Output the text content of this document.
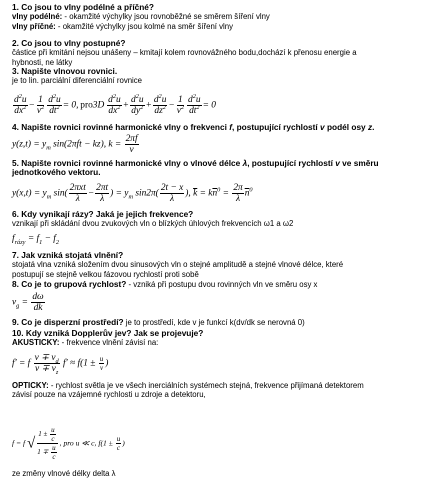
1. Co jsou to vlny podélné a příčné?
vlny podélné: - okamžité výchylky jsou rovnoběžné se směrem šíření vlny
vlny příčné: - okamžité výchylky jsou kolmé na směr šíření vlny
2. Co jsou to vlny postupné?
částice při kmitání nejsou unášeny – kmitají kolem rovnovážného bodu,dochází k přenosu energie a
hybnosti, ne látky
3. Napište vlnovou rovnici.
je to lin. parciální diferenciální rovnice
$\frac{d^2u}{dx^2} - \frac{1}{v^2} \frac{d^2u}{dt^2} = 0$, $pro3D \frac{d^2u}{dx^2} + \frac{d^2u}{dy^2} + \frac{d^2u}{dz^2} - \frac{1}{v^2} \frac{d^2u}{dt^2} = 0$
4. Napište rovnici rovinné harmonické vlny o frekvenci f, postupující rychlostí v podél osy z.
$y(z,t) = y_m$ sin(2πft − kz), $k = \frac{2\pi f}{v}$
5. Napište rovnici rovinné harmonické vlny o vlnové délce λ, postupující rychlostí v ve směru
jednotkového vektoru.
$y(x,t) = y_m$ $\sin( \frac{\text{2πxt}}{\lambda} - \frac{2\pi t}{\lambda}$ ) = $y_m$ $\sin 2\pi( \frac{2t - x}{\lambda}$ ), $\overline{k} = k\overline{n}^0 = \frac{2\pi}{\lambda} \overline{n}^0$
6. Kdy vynikají rázy? Jaká je jejich frekvence?
vznikají při skládání dvou zvukových vln o blízkých úhlových frekvencích ω1 a ω2
$f_{rázy} = f_1 - f_2$
7. Jak vzniká stojatá vlnění?
stojatá vlna vzniká složením dvou sinusových vln o stejné amplitudě a stejné vlnové délce, které
postupují se stejně velkou fázovou rychlostí proti sobě
8. Co je to grupová rychlost? - vzniká při postupu dvou rovinných vln ve směru osy x
$v_g = \frac{d\omega}{dk}$
9. Co je disperzní prostředí? je to prostředí, kde v je funkcí k(dv/dk se nerovná 0)
10. Kdy vzniká Dopplerův jev? Jak se projevuje?
AKUSTICKY: - frekvence vlnění závisí na:
f′ = f $\frac{v \mp v_d}{v \mp v_z} f' \approx f(1 \pm \frac{u}{v}$ )
OPTICKY: - rychlost světla je ve všech inerciálních systémech stejná, frekvence přijímaná detektorem
závisí pouze na vzájemné rychlosti u zdroje a detektoru,
f = f √ $\frac{1 \pm \frac{u}{c}}{1 \mp \frac{u}{c}}$ , pro u ≪ c, $f(1 \pm \frac{u}{c}$ )
ze změny vlnové délky delta λ
